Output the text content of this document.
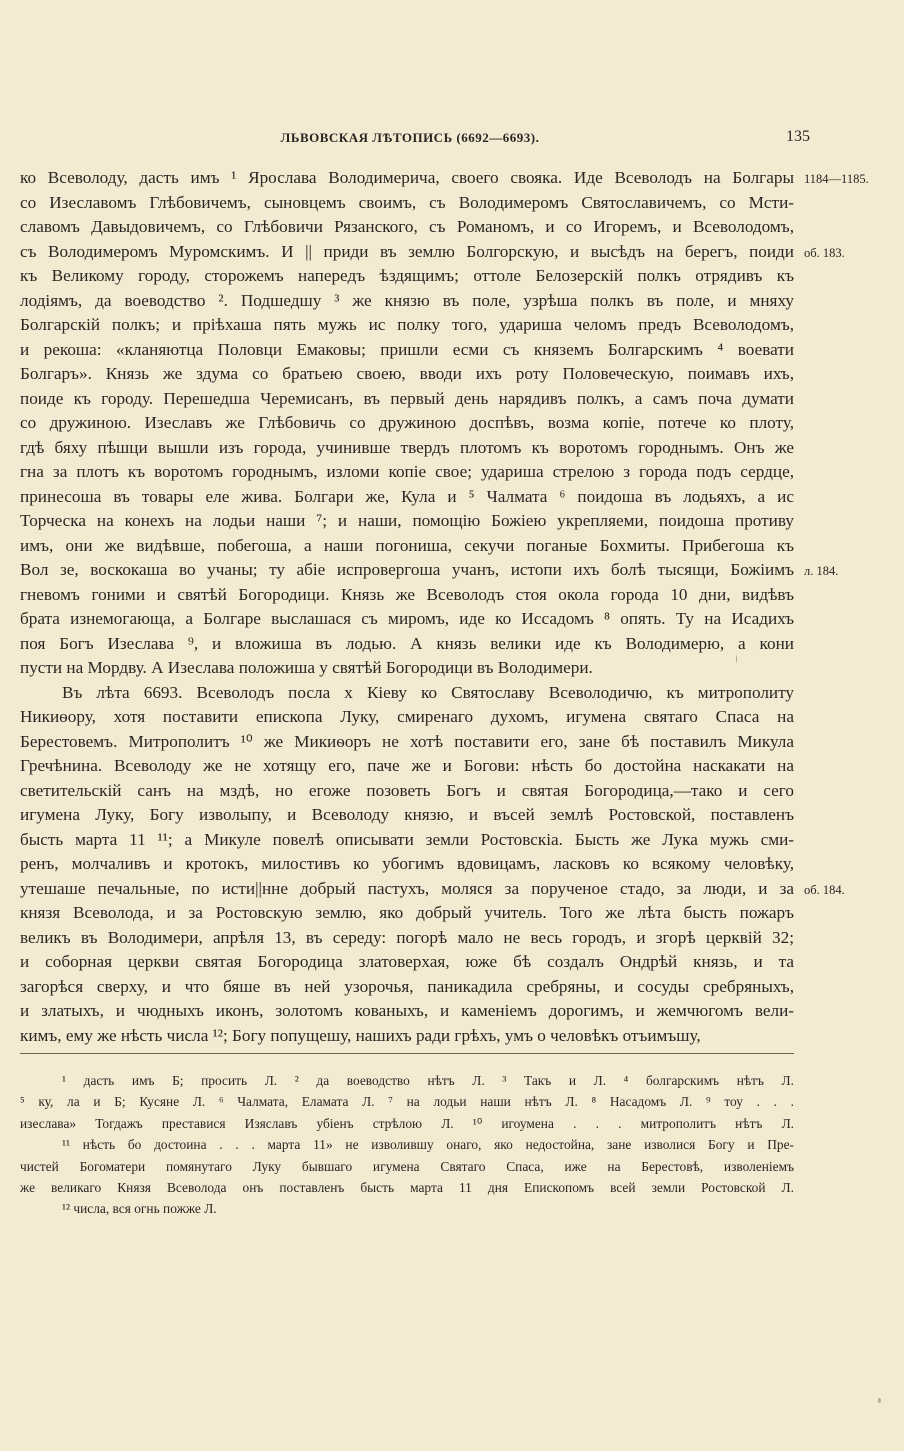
ЛЬВОВСКАЯ ЛѢТОПИСЬ (6692—6693).	135
ко Всеволоду, дасть имъ ¹ Ярослава Володимерича, своего свояка. Иде Всеволодъ на Болгары
со Изеславомъ Глѣбовичемъ, сыновцемъ своимъ, съ Володимеромъ Святославичемъ, со Мсти-
славомъ Давыдовичемъ, со Глѣбовичи Рязанского, съ Романомъ, и со Игоремъ, и Всеволодомъ,
съ Володимеромъ Муромскимъ. И || приди въ землю Болгорскую, и высѣдъ на берегъ, поиди
къ Великому городу, сторожемъ напередъ ѣздящимъ; оттоле Белозерскій полкъ отрядивъ къ
лодіямъ, да воеводство ². Подшедшу ³ же князю въ поле, узрѣша полкъ въ поле, и мняху
Болгарскій полкъ; и пріѣхаша пять мужь ис полку того, удариша челомъ предъ Всеволодомъ,
и рекоша: «кланяютца Половци Емаковы; пришли есми съ княземъ Болгарскимъ ⁴ воевати
Болгаръ». Князь же здума со братьею своею, вводи ихъ роту Половеческую, поимавъ ихъ,
поиде къ городу. Перешедша Черемисанъ, въ первый день нарядивъ полкъ, а самъ поча думати
со дружиною. Изеславъ же Глѣбовичь со дружиною доспѣвъ, возма копіе, потече ко плоту,
гдѣ бяху пѣшци вышли изъ города, учинивше твердъ плотомъ къ воротомъ городнымъ. Онъ же
гна за плотъ къ воротомъ городнымъ, изломи копіе свое; удариша стрелою з города подъ сердце,
принесоша въ товары еле жива. Болгари же, Кула и ⁵ Чалмата ⁶ поидоша въ лодьяхъ, а ис
Торческа на конехъ на лодьи наши ⁷; и наши, помощію Божіею укрепляеми, поидоша противу
имъ, они же видѣвше, побегоша, а наши погониша, секучи поганые Бохмиты. Прибегоша къ
Вол зе, воскокаша во учаны; ту абіе испровергоша учанъ, истопи ихъ болѣ тысящи, Божіимъ
гневомъ гоними и святѣй Богородици. Князь же Всеволодъ стоя окола города 10 дни, видѣвъ
брата изнемогающа, а Болгаре выслашася съ миромъ, иде ко Иссадомъ ⁸ опять. Ту на Исадихъ
поя Богъ Изеслава ⁹, и вложиша въ лодью. А князь велики иде къ Володимерю, а кони
пусти на Мордву. А Изеслава положиша у святѣй Богородици въ Володимери.
Въ лѣта 6693. Всеволодъ посла х Кіеву ко Святославу Всеволодичю, къ митрополиту
Никиѳору, хотя поставити епископа Луку, смиренаго духомъ, игумена святаго Спаса на
Берестовемъ. Митрополитъ ¹⁰ же Микиѳоръ не хотѣ поставити его, зане бѣ поставилъ Микула
Гречѣнина. Всеволоду же не хотящу его, паче же и Богови: нѣсть бо достойна наскакати на
светительскій санъ на мздѣ, но егоже позоветь Богъ и святая Богородица,—тако и сего
игумена Луку, Богу изволыпу, и Всеволоду князю, и въсей землѣ Ростовской, поставленъ
бысть марта 11 ¹¹; а Микуле повелѣ описывати земли Ростовскіа. Бысть же Лука мужь сми-
ренъ, молчаливъ и кротокъ, милостивъ ко убогимъ вдовицамъ, ласковъ ко всякому человѣку,
утешаше печальные, по исти||нне добрый пастухъ, моляся за порученое стадо, за люди, и за
князя Всеволода, и за Ростовскую землю, яко добрый учитель. Того же лѣта бысть пожаръ
великъ въ Володимери, апрѣля 13, въ середу: погорѣ мало не весь городъ, и згорѣ церквій 32;
и соборная церкви святая Богородица златоверхая, юже бѣ создалъ Ондрѣй князь, и та
загорѣся сверху, и что бяше въ ней узорочья, паникадила сребряны, и сосуды сребряныхъ,
и златыхъ, и чюдныхъ иконъ, золотомъ кованыхъ, и каменіемъ дорогимъ, и жемчюгомъ вели-
кимъ, ему же нѣсть числа ¹²; Богу попущешу, нашихъ ради грѣхъ, умъ о человѣкъ отъимъшу,
1184—1185.
об. 183.
л. 184.
об. 184.
¹ дасть имъ Б; просить Л. ² да воеводство нѣтъ Л. ³ Такъ и Л. ⁴ болгарскимъ нѣтъ Л.
⁵ ку, ла и Б; Кусяне Л. ⁶ Чалмата, Еламата Л. ⁷ на лодьи наши нѣтъ Л. ⁸ Насадомъ Л. ⁹ тоу . . .
изеслава» Тогдажъ преставися Изяславъ убіенъ стрѣлою Л. ¹⁰ игоумена . . . митрополитъ нѣтъ Л.
¹¹ нѣсть бо достоина . . . марта 11» не изволившу онаго, яко недостойна, зане изволися Богу и Пре-
чистей Богоматери помянутаго Луку бывшаго игумена Святаго Спаса, иже на Берестовѣ, изволеніемъ
же великаго Князя Всеволода онъ поставленъ бысть марта 11 дня Епископомъ всей земли Ростовской Л.
¹² числа, вся огнь пожже Л.
